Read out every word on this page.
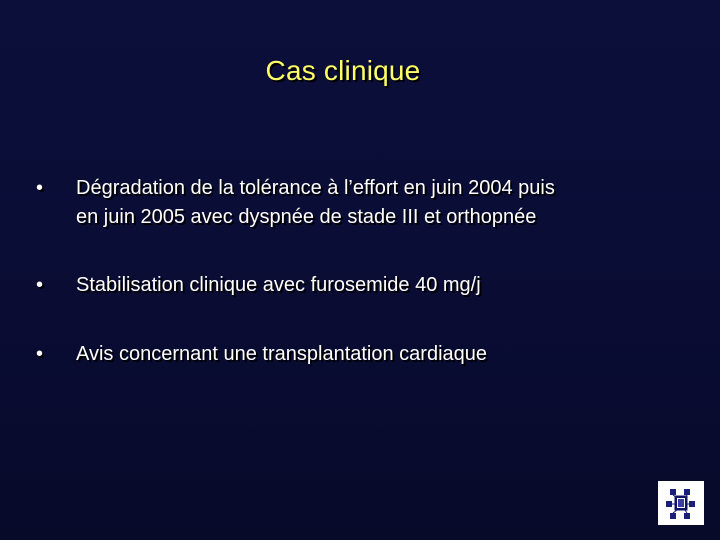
Cas clinique
•	Dégradation de la tolérance à l’effort en juin 2004 puis
en juin 2005 avec dyspnée de stade III et orthopnée
•	Stabilisation clinique avec furosemide 40 mg/j
•	Avis concernant une transplantation cardiaque
